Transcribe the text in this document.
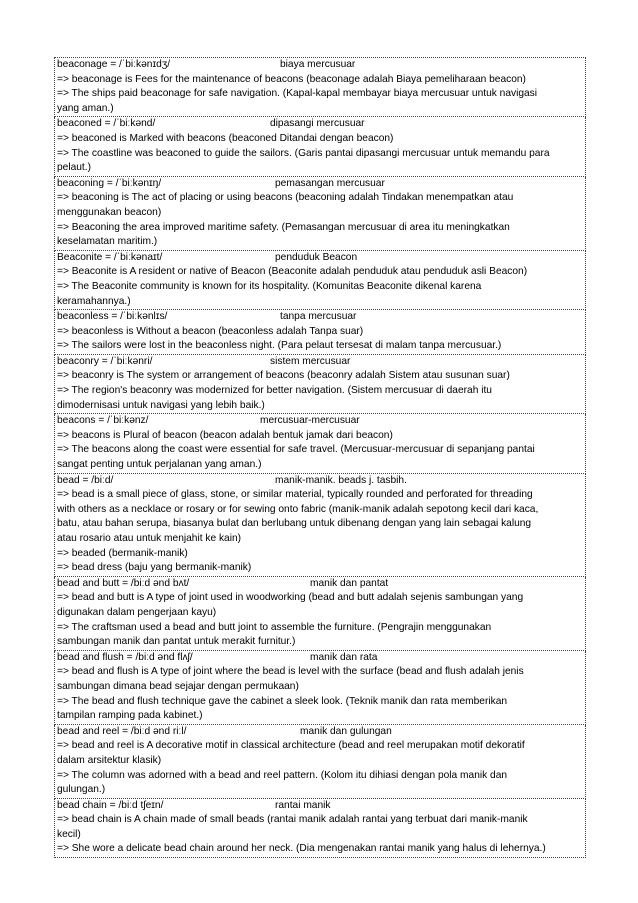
beaconage = /ˈbiːkənɪdʒ/	biaya mercusuar
=> beaconage is Fees for the maintenance of beacons (beaconage adalah Biaya pemeliharaan beacon)
=> The ships paid beaconage for safe navigation. (Kapal-kapal membayar biaya mercusuar untuk navigasi
yang aman.)
beaconed = /ˈbiːkənd/	dipasangi mercusuar
=> beaconed is Marked with beacons (beaconed Ditandai dengan beacon)
=> The coastline was beaconed to guide the sailors. (Garis pantai dipasangi mercusuar untuk memandu para
pelaut.)
beaconing = /ˈbiːkənɪŋ/	pemasangan mercusuar
=> beaconing is The act of placing or using beacons (beaconing adalah Tindakan menempatkan atau
menggunakan beacon)
=> Beaconing the area improved maritime safety. (Pemasangan mercusuar di area itu meningkatkan
keselamatan maritim.)
Beaconite = /ˈbiːkənaɪt/	penduduk Beacon
=> Beaconite is A resident or native of Beacon (Beaconite adalah penduduk atau penduduk asli Beacon)
=> The Beaconite community is known for its hospitality. (Komunitas Beaconite dikenal karena
keramahannya.)
beaconless = /ˈbiːkənlɪs/	tanpa mercusuar
=> beaconless is Without a beacon (beaconless adalah Tanpa suar)
=> The sailors were lost in the beaconless night. (Para pelaut tersesat di malam tanpa mercusuar.)
beaconry = /ˈbiːkənri/	sistem mercusuar
=> beaconry is The system or arrangement of beacons (beaconry adalah Sistem atau susunan suar)
=> The region's beaconry was modernized for better navigation. (Sistem mercusuar di daerah itu
dimodernisasi untuk navigasi yang lebih baik.)
beacons = /ˈbiːkənz/	mercusuar-mercusuar
=> beacons is Plural of beacon (beacon adalah bentuk jamak dari beacon)
=> The beacons along the coast were essential for safe travel. (Mercusuar-mercusuar di sepanjang pantai
sangat penting untuk perjalanan yang aman.)
bead = /biːd/	manik-manik. beads j. tasbih.
=> bead is a small piece of glass, stone, or similar material, typically rounded and perforated for threading
with others as a necklace or rosary or for sewing onto fabric (manik-manik adalah sepotong kecil dari kaca,
batu, atau bahan serupa, biasanya bulat dan berlubang untuk dibenang dengan yang lain sebagai kalung
atau rosario atau untuk menjahit ke kain)
=> beaded (bermanik-manik)
=> bead dress (baju yang bermanik-manik)
bead and butt = /biːd ənd bʌt/	manik dan pantat
=> bead and butt is A type of joint used in woodworking (bead and butt adalah sejenis sambungan yang
digunakan dalam pengerjaan kayu)
=> The craftsman used a bead and butt joint to assemble the furniture. (Pengrajin menggunakan
sambungan manik dan pantat untuk merakit furnitur.)
bead and flush = /biːd ənd flʌʃ/	manik dan rata
=> bead and flush is A type of joint where the bead is level with the surface (bead and flush adalah jenis
sambungan dimana bead sejajar dengan permukaan)
=> The bead and flush technique gave the cabinet a sleek look. (Teknik manik dan rata memberikan
tampilan ramping pada kabinet.)
bead and reel = /biːd ənd riːl/	manik dan gulungan
=> bead and reel is A decorative motif in classical architecture (bead and reel merupakan motif dekoratif
dalam arsitektur klasik)
=> The column was adorned with a bead and reel pattern. (Kolom itu dihiasi dengan pola manik dan
gulungan.)
bead chain = /biːd tʃeɪn/	rantai manik
=> bead chain is A chain made of small beads (rantai manik adalah rantai yang terbuat dari manik-manik
kecil)
=> She wore a delicate bead chain around her neck. (Dia mengenakan rantai manik yang halus di lehernya.)
